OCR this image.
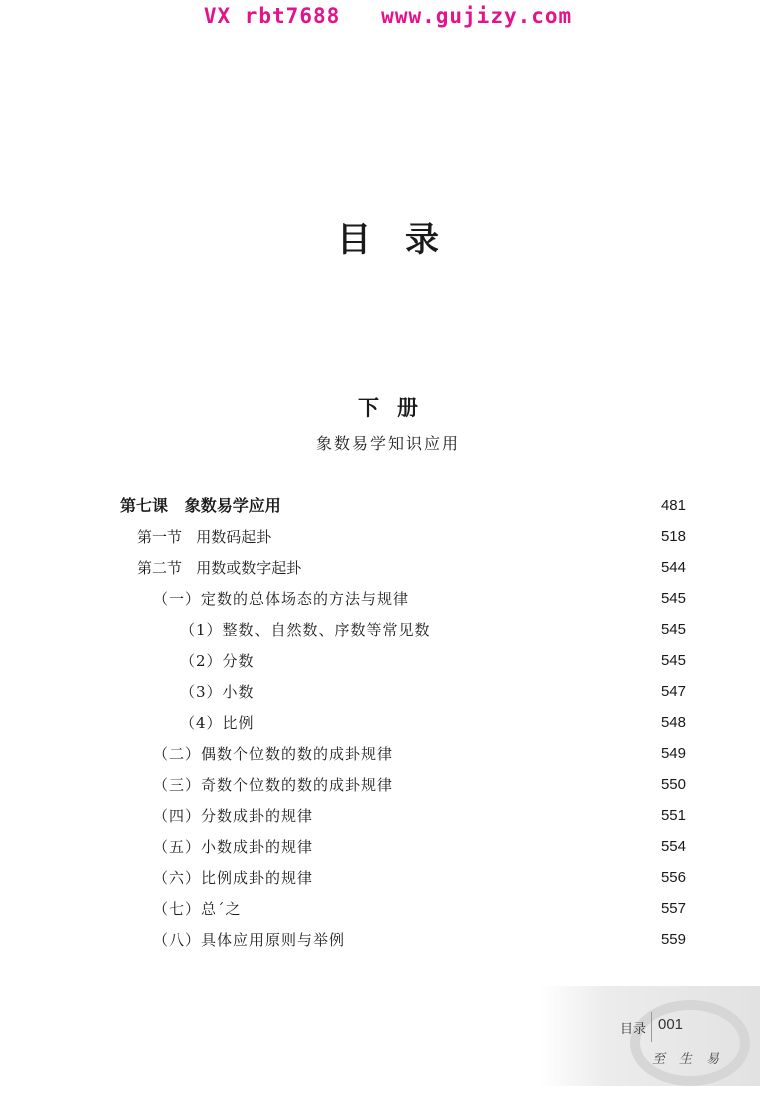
VX rbt7688   www.gujizy.com
目录
下册
象数易学知识应用
第七课   象数易学应用	481
第一节   用数码起卦	518
第二节   用数或数字起卦	544
（一）定数的总体场态的方法与规律	545
（1）整数、自然数、序数等常见数	545
（2）分数	545
（3）小数	547
（4）比例	548
（二）偶数个位数的数的成卦规律	549
（三）奇数个位数的数的成卦规律	550
（四）分数成卦的规律	551
（五）小数成卦的规律	554
（六）比例成卦的规律	556
（七）总´之	557
（八）具体应用原则与举例	559
目录 001
至生易
